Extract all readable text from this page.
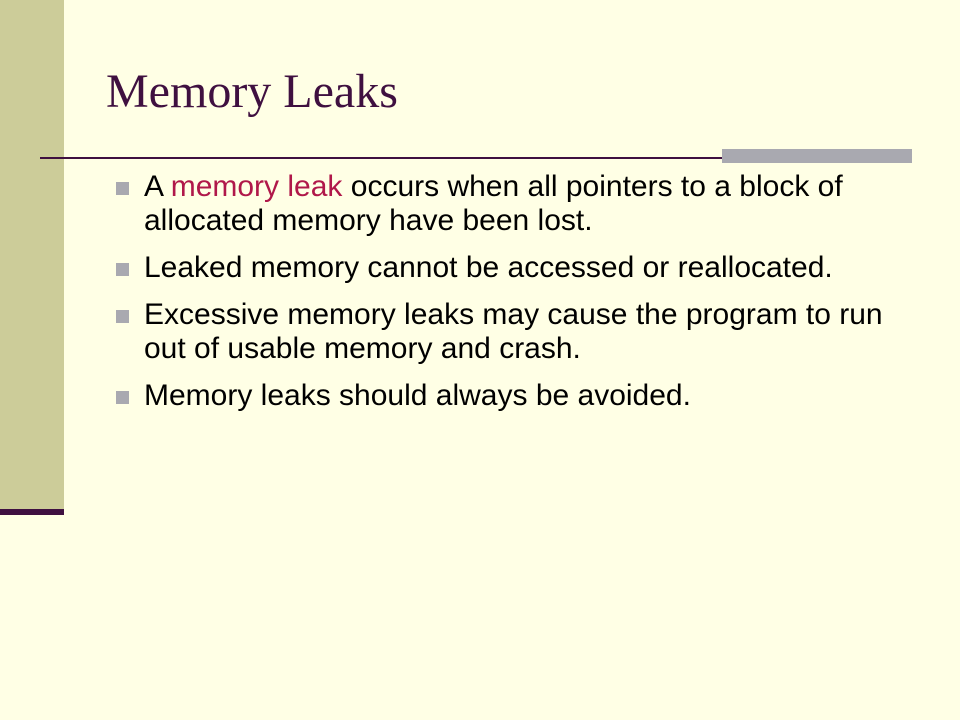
Memory Leaks
A memory leak occurs when all pointers to a block of allocated memory have been lost.
Leaked memory cannot be accessed or reallocated.
Excessive memory leaks may cause the program to run out of usable memory and crash.
Memory leaks should always be avoided.
